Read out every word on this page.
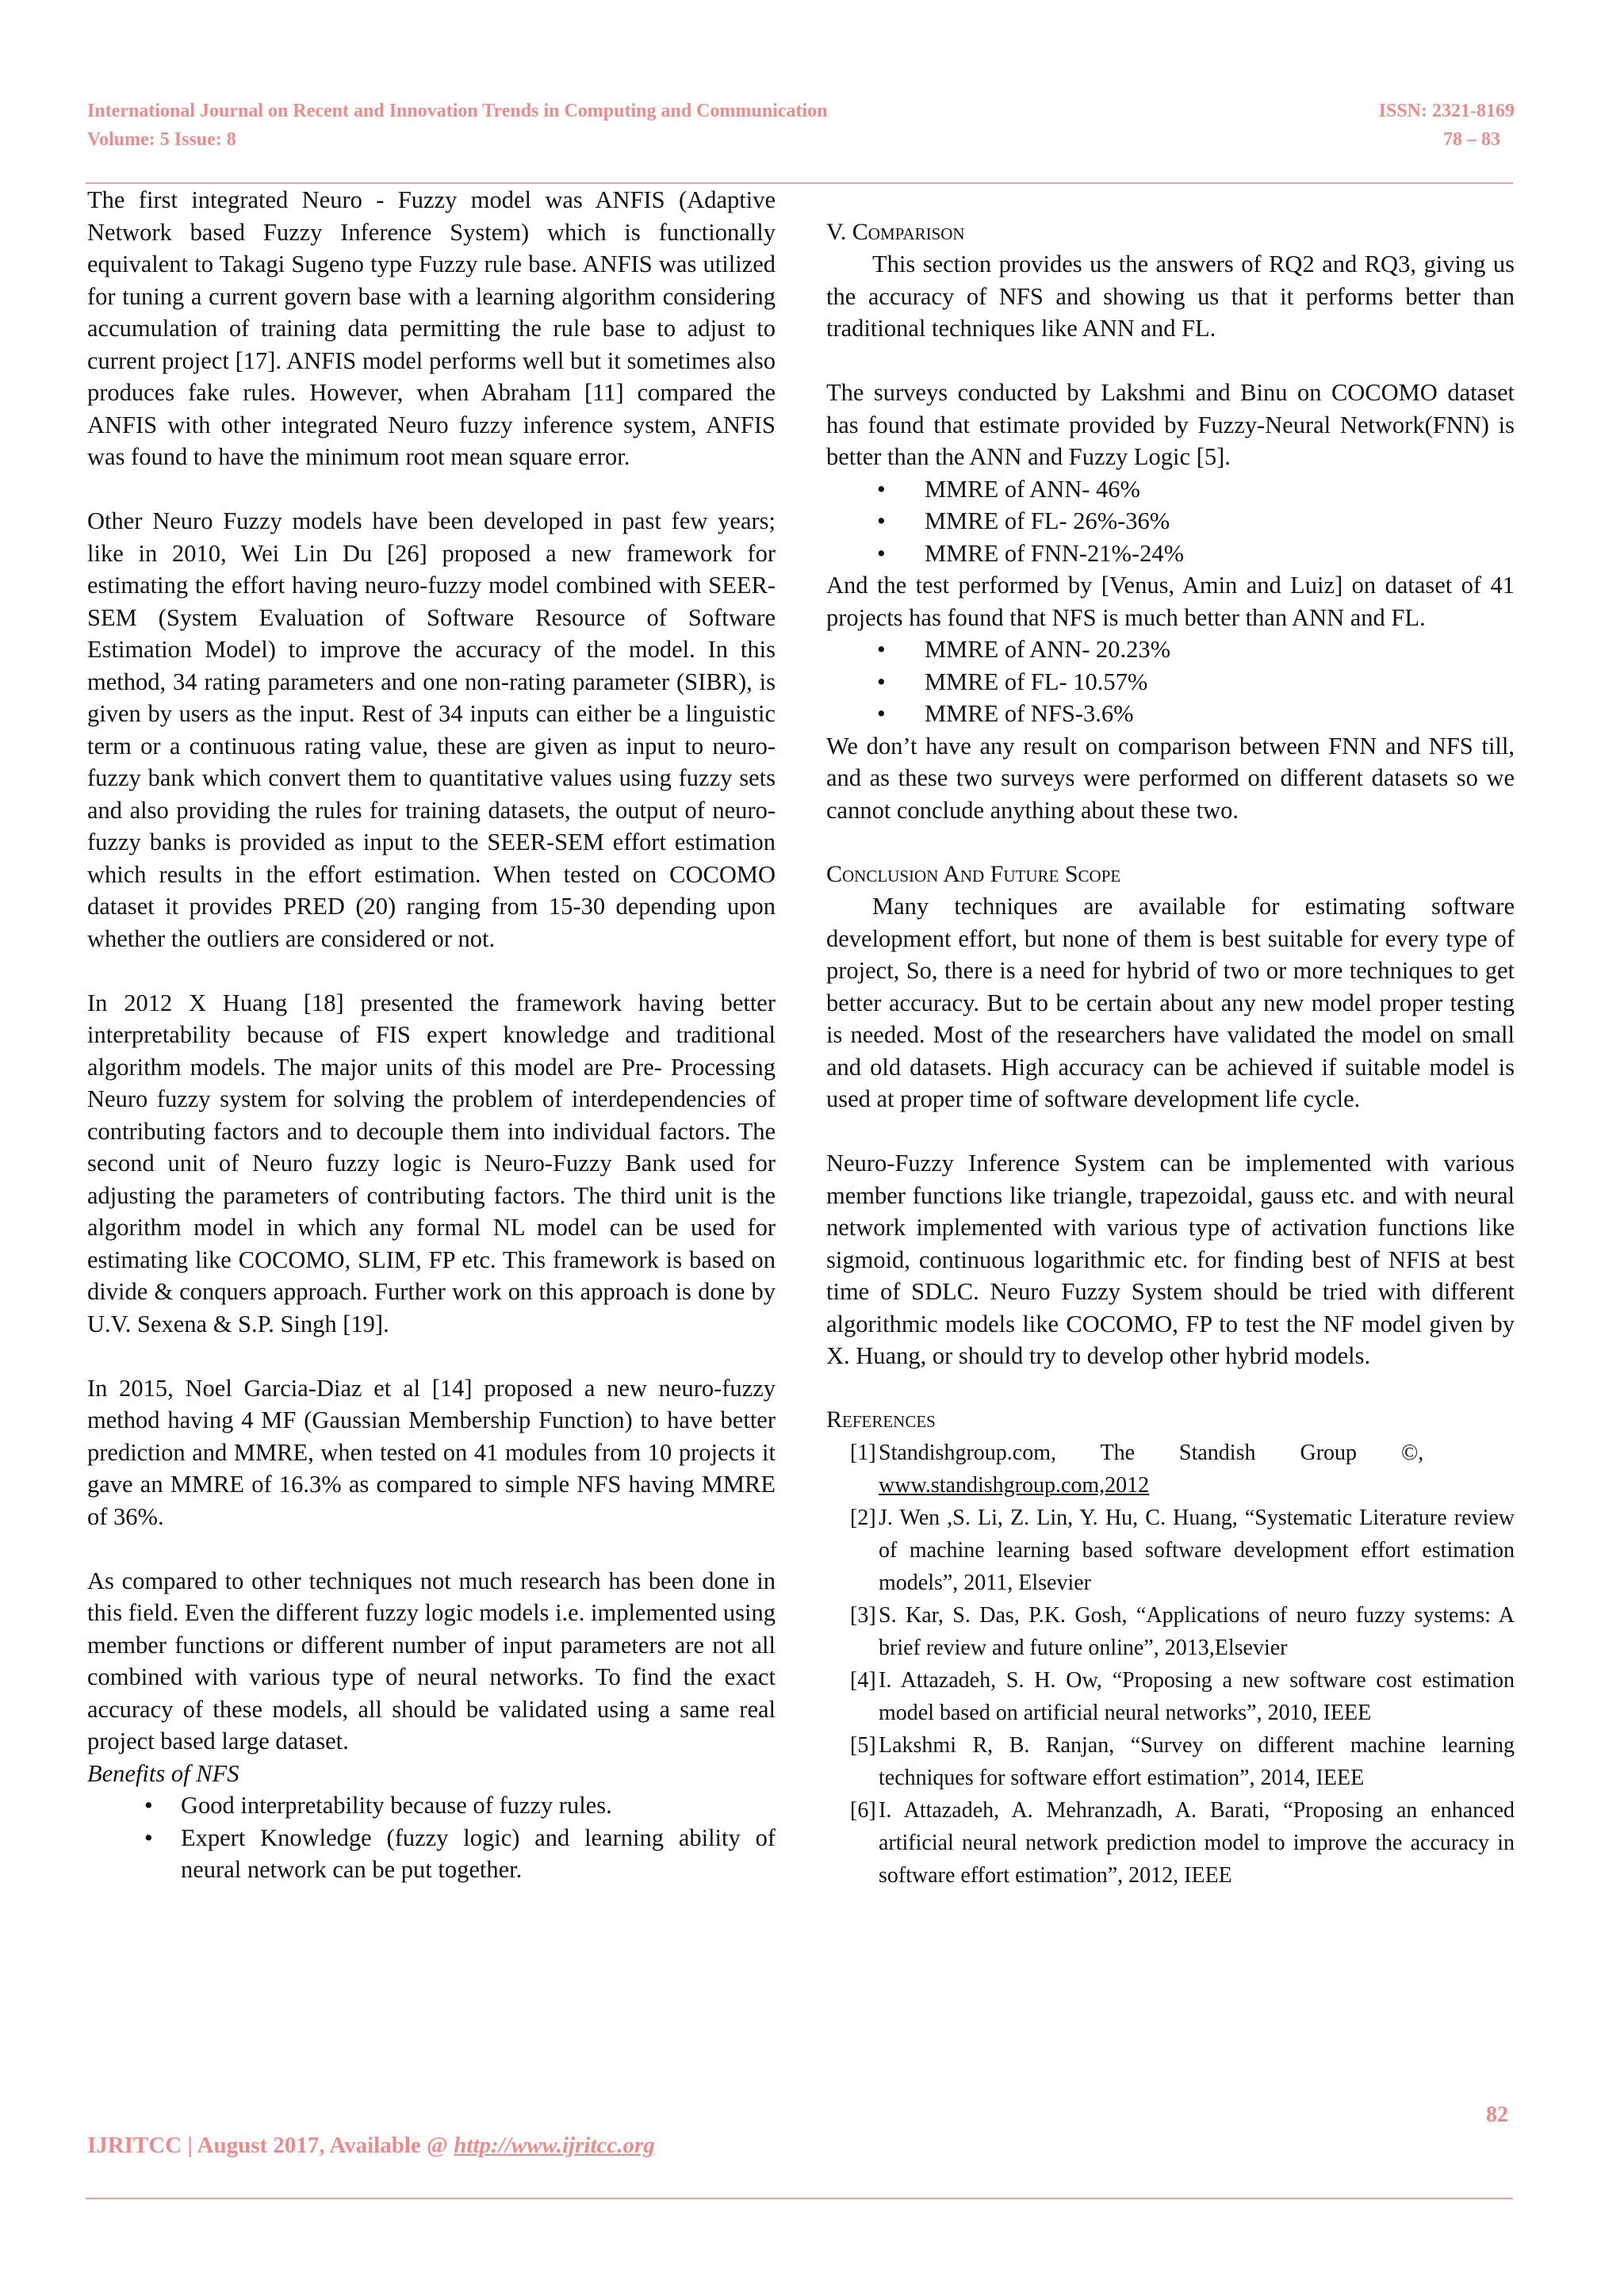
International Journal on Recent and Innovation Trends in Computing and Communication	ISSN: 2321-8169
Volume: 5 Issue: 8	78 – 83

The first integrated Neuro - Fuzzy model was ANFIS (Adaptive Network based Fuzzy Inference System) which is functionally equivalent to Takagi Sugeno type Fuzzy rule base. ANFIS was utilized for tuning a current govern base with a learning algorithm considering accumulation of training data permitting the rule base to adjust to current project [17]. ANFIS model performs well but it sometimes also produces fake rules. However, when Abraham [11] compared the ANFIS with other integrated Neuro fuzzy inference system, ANFIS was found to have the minimum root mean square error.

Other Neuro Fuzzy models have been developed in past few years; like in 2010, Wei Lin Du [26] proposed a new framework for estimating the effort having neuro-fuzzy model combined with SEER-SEM (System Evaluation of Software Resource of Software Estimation Model) to improve the accuracy of the model. In this method, 34 rating parameters and one non-rating parameter (SIBR), is given by users as the input. Rest of 34 inputs can either be a linguistic term or a continuous rating value, these are given as input to neuro-fuzzy bank which convert them to quantitative values using fuzzy sets and also providing the rules for training datasets, the output of neuro-fuzzy banks is provided as input to the SEER-SEM effort estimation which results in the effort estimation. When tested on COCOMO dataset it provides PRED (20) ranging from 15-30 depending upon whether the outliers are considered or not.

In 2012 X Huang [18] presented the framework having better interpretability because of FIS expert knowledge and traditional algorithm models. The major units of this model are Pre- Processing Neuro fuzzy system for solving the problem of interdependencies of contributing factors and to decouple them into individual factors. The second unit of Neuro fuzzy logic is Neuro-Fuzzy Bank used for adjusting the parameters of contributing factors. The third unit is the algorithm model in which any formal NL model can be used for estimating like COCOMO, SLIM, FP etc. This framework is based on divide & conquers approach. Further work on this approach is done by U.V. Sexena & S.P. Singh [19].

In 2015, Noel Garcia-Diaz et al [14] proposed a new neuro-fuzzy method having 4 MF (Gaussian Membership Function) to have better prediction and MMRE, when tested on 41 modules from 10 projects it gave an MMRE of 16.3% as compared to simple NFS having MMRE of 36%.

As compared to other techniques not much research has been done in this field. Even the different fuzzy logic models i.e. implemented using member functions or different number of input parameters are not all combined with various type of neural networks. To find the exact accuracy of these models, all should be validated using a same real project based large dataset.

Benefits of NFS

• Good interpretability because of fuzzy rules.
• Expert Knowledge (fuzzy logic) and learning ability of neural network can be put together.

V. Comparison

This section provides us the answers of RQ2 and RQ3, giving us the accuracy of NFS and showing us that it performs better than traditional techniques like ANN and FL.

The surveys conducted by Lakshmi and Binu on COCOMO dataset has found that estimate provided by Fuzzy-Neural Network(FNN) is better than the ANN and Fuzzy Logic [5].

• MMRE of ANN- 46%
• MMRE of FL- 26%-36%
• MMRE of FNN-21%-24%

And the test performed by [Venus, Amin and Luiz] on dataset of 41 projects has found that NFS is much better than ANN and FL.

• MMRE of ANN- 20.23%
• MMRE of FL- 10.57%
• MMRE of NFS-3.6%

We don’t have any result on comparison between FNN and NFS till, and as these two surveys were performed on different datasets so we cannot conclude anything about these two.

Conclusion And Future Scope

Many techniques are available for estimating software development effort, but none of them is best suitable for every type of project, So, there is a need for hybrid of two or more techniques to get better accuracy. But to be certain about any new model proper testing is needed. Most of the researchers have validated the model on small and old datasets. High accuracy can be achieved if suitable model is used at proper time of software development life cycle.

Neuro-Fuzzy Inference System can be implemented with various member functions like triangle, trapezoidal, gauss etc. and with neural network implemented with various type of activation functions like sigmoid, continuous logarithmic etc. for finding best of NFIS at best time of SDLC. Neuro Fuzzy System should be tried with different algorithmic models like COCOMO, FP to test the NF model given by X. Huang, or should try to develop other hybrid models.

References

[1] Standishgroup.com,        The        Standish        Group        ©,
www.standishgroup.com,2012
[2] J. Wen ,S. Li, Z. Lin, Y. Hu, C. Huang, “Systematic Literature review of machine learning based software development effort estimation models”, 2011, Elsevier
[3] S. Kar, S. Das, P.K. Gosh, “Applications of neuro fuzzy systems: A brief review and future online”, 2013,Elsevier
[4] I. Attazadeh, S. H. Ow, “Proposing a new software cost estimation model based on artificial neural networks”, 2010, IEEE
[5] Lakshmi R, B. Ranjan, “Survey on different machine learning techniques for software effort estimation”, 2014, IEEE
[6] I. Attazadeh, A. Mehranzadh, A. Barati, “Proposing an enhanced artificial neural network prediction model to improve the accuracy in software effort estimation”, 2012, IEEE
82
IJRITCC | August 2017, Available @ http://www.ijritcc.org
